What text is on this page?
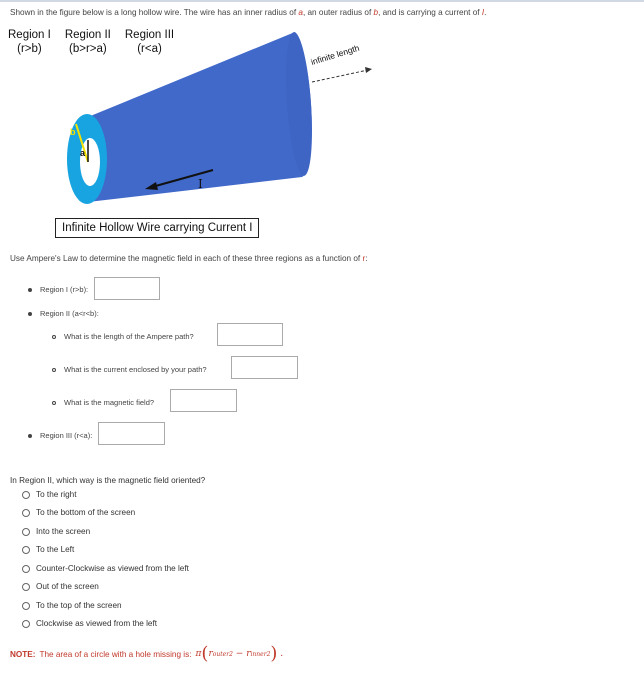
Shown in the figure below is a long hollow wire. The wire has an inner radius of a, an outer radius of b, and is carrying a current of I.
Region I
(r>b)
Region II
(b>r>a)
Region III
(r<a)
b
a
infinite length
I
Infinite Hollow Wire carrying Current I
Use Ampere's Law to determine the magnetic field in each of these three regions as a function of r:
Region I (r>b):
Region II (a<r<b):
What is the length of the Ampere path?
What is the current enclosed by your path?
What is the magnetic field?
Region III (r<a):
In Region II, which way is the magnetic field oriented?
To the right
To the bottom of the screen
Into the screen
To the Left
Counter-Clockwise as viewed from the left
Out of the screen
To the top of the screen
Clockwise as viewed from the left
NOTE: The area of a circle with a hole missing is: π ( r outer 2
−
r inner 2 ) .
